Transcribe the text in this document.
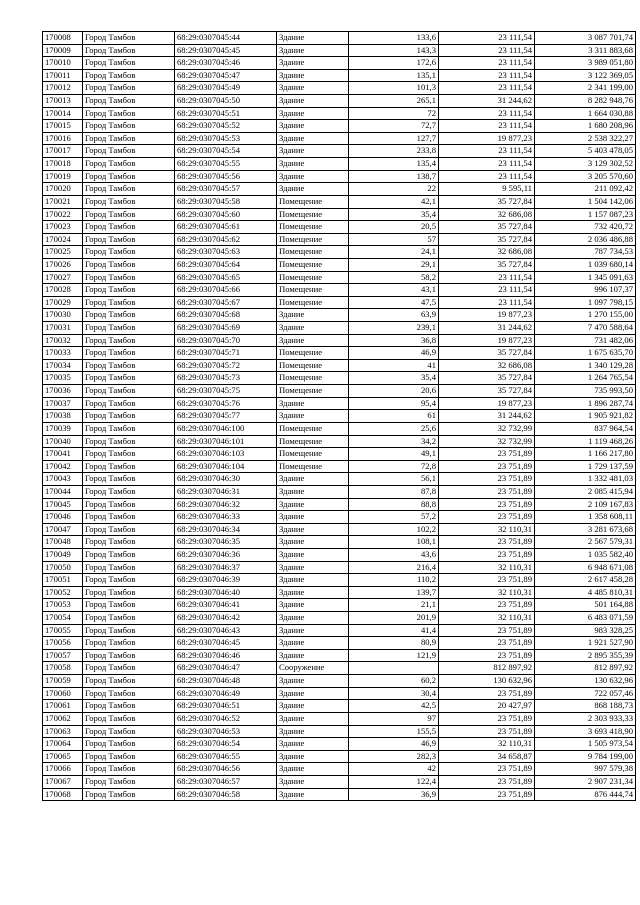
170008	Город Тамбов	68:29:0307045:44	Здание	133,6	23 111,54	3 087 701,74
170009	Город Тамбов	68:29:0307045:45	Здание	143,3	23 111,54	3 311 883,68
170010	Город Тамбов	68:29:0307045:46	Здание	172,6	23 111,54	3 989 051,80
170011	Город Тамбов	68:29:0307045:47	Здание	135,1	23 111,54	3 122 369,05
170012	Город Тамбов	68:29:0307045:49	Здание	101,3	23 111,54	2 341 199,00
170013	Город Тамбов	68:29:0307045:50	Здание	265,1	31 244,62	8 282 948,76
170014	Город Тамбов	68:29:0307045:51	Здание	72	23 111,54	1 664 030,88
170015	Город Тамбов	68:29:0307045:52	Здание	72,7	23 111,54	1 680 208,96
170016	Город Тамбов	68:29:0307045:53	Здание	127,7	19 877,23	2 538 322,27
170017	Город Тамбов	68:29:0307045:54	Здание	233,8	23 111,54	5 403 478,05
170018	Город Тамбов	68:29:0307045:55	Здание	135,4	23 111,54	3 129 302,52
170019	Город Тамбов	68:29:0307045:56	Здание	138,7	23 111,54	3 205 570,60
170020	Город Тамбов	68:29:0307045:57	Здание	22	9 595,11	211 092,42
170021	Город Тамбов	68:29:0307045:58	Помещение	42,1	35 727,84	1 504 142,06
170022	Город Тамбов	68:29:0307045:60	Помещение	35,4	32 686,08	1 157 087,23
170023	Город Тамбов	68:29:0307045:61	Помещение	20,5	35 727,84	732 420,72
170024	Город Тамбов	68:29:0307045:62	Помещение	57	35 727,84	2 036 486,88
170025	Город Тамбов	68:29:0307045:63	Помещение	24,1	32 686,08	787 734,53
170026	Город Тамбов	68:29:0307045:64	Помещение	29,1	35 727,84	1 039 680,14
170027	Город Тамбов	68:29:0307045:65	Помещение	58,2	23 111,54	1 345 091,63
170028	Город Тамбов	68:29:0307045:66	Помещение	43,1	23 111,54	996 107,37
170029	Город Тамбов	68:29:0307045:67	Помещение	47,5	23 111,54	1 097 798,15
170030	Город Тамбов	68:29:0307045:68	Здание	63,9	19 877,23	1 270 155,00
170031	Город Тамбов	68:29:0307045:69	Здание	239,1	31 244,62	7 470 588,64
170032	Город Тамбов	68:29:0307045:70	Здание	36,8	19 877,23	731 482,06
170033	Город Тамбов	68:29:0307045:71	Помещение	46,9	35 727,84	1 675 635,70
170034	Город Тамбов	68:29:0307045:72	Помещение	41	32 686,08	1 340 129,28
170035	Город Тамбов	68:29:0307045:73	Помещение	35,4	35 727,84	1 264 765,54
170036	Город Тамбов	68:29:0307045:75	Помещение	20,6	35 727,84	735 993,50
170037	Город Тамбов	68:29:0307045:76	Здание	95,4	19 877,23	1 896 287,74
170038	Город Тамбов	68:29:0307045:77	Здание	61	31 244,62	1 905 921,82
170039	Город Тамбов	68:29:0307046:100	Помещение	25,6	32 732,99	837 964,54
170040	Город Тамбов	68:29:0307046:101	Помещение	34,2	32 732,99	1 119 468,26
170041	Город Тамбов	68:29:0307046:103	Помещение	49,1	23 751,89	1 166 217,80
170042	Город Тамбов	68:29:0307046:104	Помещение	72,8	23 751,89	1 729 137,59
170043	Город Тамбов	68:29:0307046:30	Здание	56,1	23 751,89	1 332 481,03
170044	Город Тамбов	68:29:0307046:31	Здание	87,8	23 751,89	2 085 415,94
170045	Город Тамбов	68:29:0307046:32	Здание	88,8	23 751,89	2 109 167,83
170046	Город Тамбов	68:29:0307046:33	Здание	57,2	23 751,89	1 358 608,11
170047	Город Тамбов	68:29:0307046:34	Здание	102,2	32 110,31	3 281 673,68
170048	Город Тамбов	68:29:0307046:35	Здание	108,1	23 751,89	2 567 579,31
170049	Город Тамбов	68:29:0307046:36	Здание	43,6	23 751,89	1 035 582,40
170050	Город Тамбов	68:29:0307046:37	Здание	216,4	32 110,31	6 948 671,08
170051	Город Тамбов	68:29:0307046:39	Здание	110,2	23 751,89	2 617 458,28
170052	Город Тамбов	68:29:0307046:40	Здание	139,7	32 110,31	4 485 810,31
170053	Город Тамбов	68:29:0307046:41	Здание	21,1	23 751,89	501 164,88
170054	Город Тамбов	68:29:0307046:42	Здание	201,9	32 110,31	6 483 071,59
170055	Город Тамбов	68:29:0307046:43	Здание	41,4	23 751,89	983 328,25
170056	Город Тамбов	68:29:0307046:45	Здание	80,9	23 751,89	1 921 527,90
170057	Город Тамбов	68:29:0307046:46	Здание	121,9	23 751,89	2 895 355,39
170058	Город Тамбов	68:29:0307046:47	Сооружение		812 897,92	812 897,92
170059	Город Тамбов	68:29:0307046:48	Здание	60,2	130 632,96	130 632,96
170060	Город Тамбов	68:29:0307046:49	Здание	30,4	23 751,89	722 057,46
170061	Город Тамбов	68:29:0307046:51	Здание	42,5	20 427,97	868 188,73
170062	Город Тамбов	68:29:0307046:52	Здание	97	23 751,89	2 303 933,33
170063	Город Тамбов	68:29:0307046:53	Здание	155,5	23 751,89	3 693 418,90
170064	Город Тамбов	68:29:0307046:54	Здание	46,9	32 110,31	1 505 973,54
170065	Город Тамбов	68:29:0307046:55	Здание	282,3	34 658,87	9 784 199,00
170066	Город Тамбов	68:29:0307046:56	Здание	42	23 751,89	997 579,38
170067	Город Тамбов	68:29:0307046:57	Здание	122,4	23 751,89	2 907 231,34
170068	Город Тамбов	68:29:0307046:58	Здание	36,9	23 751,89	876 444,74
